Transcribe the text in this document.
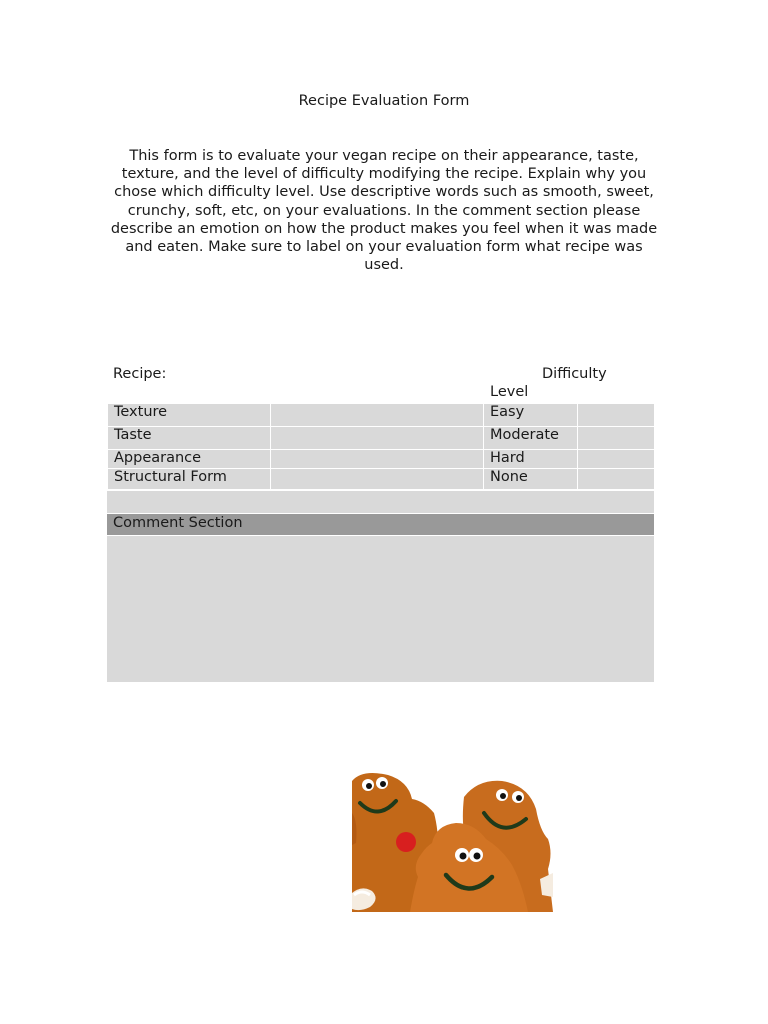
Recipe Evaluation Form
This form is to evaluate your vegan recipe on their appearance, taste, texture, and the level of difficulty modifying the recipe. Explain why you chose which difficulty level. Use descriptive words such as smooth, sweet, crunchy, soft, etc, on your evaluations. In the comment section please describe an emotion on how the product makes you feel when it was made and eaten. Make sure to label on your evaluation form what recipe was used.
Recipe:	Difficulty
Level
Texture		Easy	
Taste		Moderate	
Appearance		Hard	
Structural Form		None	
Comment Section
